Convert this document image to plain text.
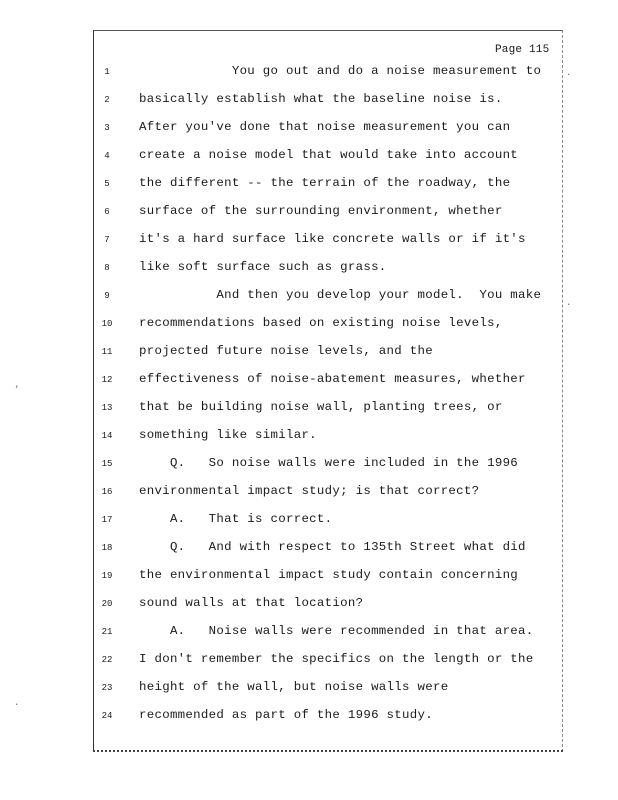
Page 115
1	You go out and do a noise measurement to
2	basically establish what the baseline noise is.
3	After you've done that noise measurement you can
4	create a noise model that would take into account
5	the different -- the terrain of the roadway, the
6	surface of the surrounding environment, whether
7	it's a hard surface like concrete walls or if it's
8	like soft surface such as grass.
9	And then you develop your model.  You make
10	recommendations based on existing noise levels,
11	projected future noise levels, and the
12	effectiveness of noise-abatement measures, whether
13	that be building noise wall, planting trees, or
14	something like similar.
15	Q.   So noise walls were included in the 1996
16	environmental impact study; is that correct?
17	A.   That is correct.
18	Q.   And with respect to 135th Street what did
19	the environmental impact study contain concerning
20	sound walls at that location?
21	A.   Noise walls were recommended in that area.
22	I don't remember the specifics on the length or the
23	height of the wall, but noise walls were
24	recommended as part of the 1996 study.
’
·
·
·
